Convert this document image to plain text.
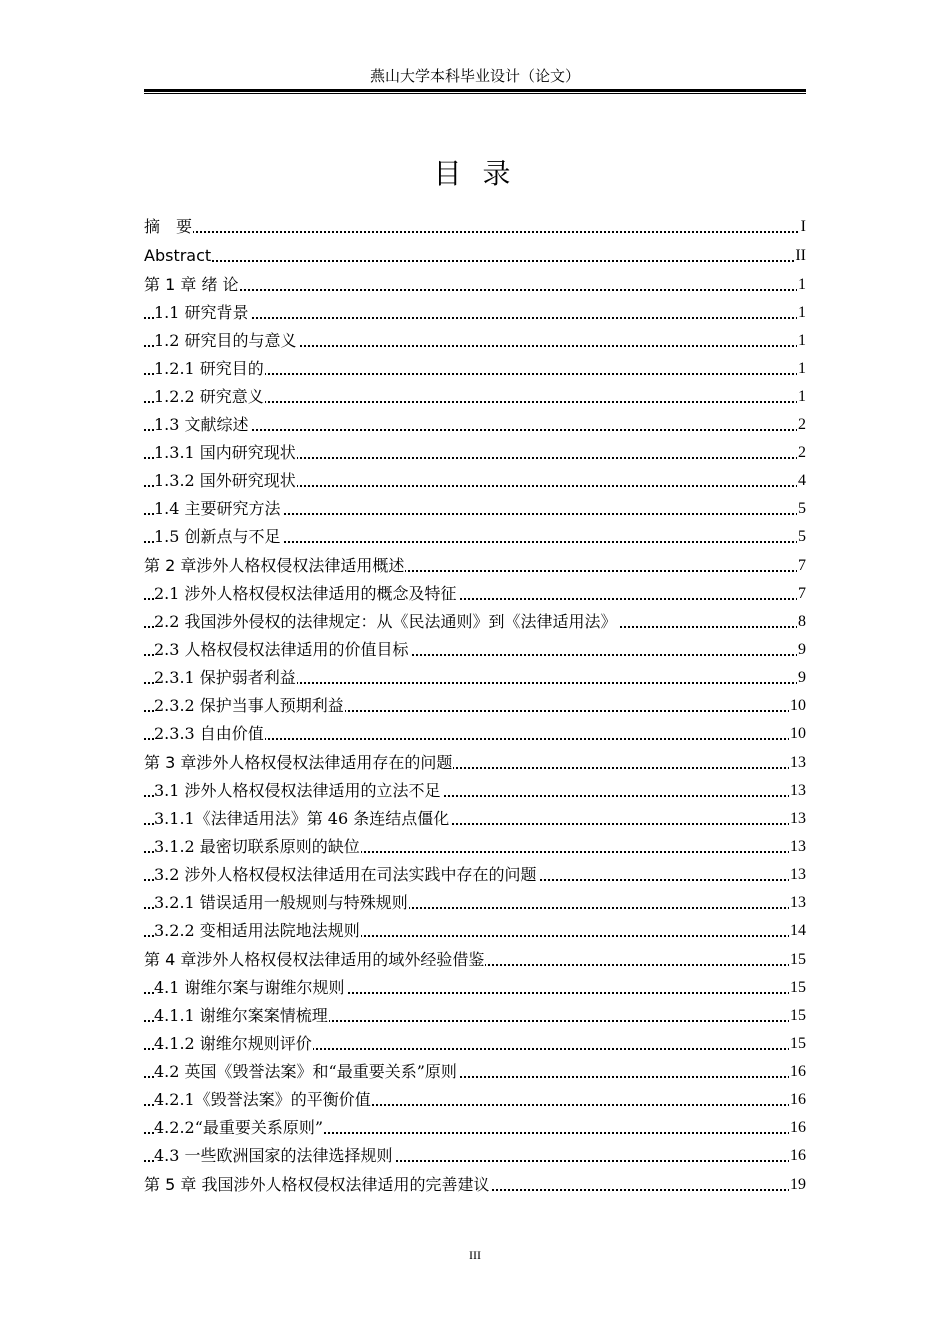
燕山大学本科毕业设计（论文）
目 录
摘　要	I
Abstract	II
第 1 章 绪 论	1
1.1 研究背景	1
1.2 研究目的与意义	1
1.2.1 研究目的	1
1.2.2 研究意义	1
1.3 文献综述	2
1.3.1 国内研究现状	2
1.3.2 国外研究现状	4
1.4 主要研究方法	5
1.5 创新点与不足	5
第 2 章涉外人格权侵权法律适用概述	7
2.1 涉外人格权侵权法律适用的概念及特征	7
2.2 我国涉外侵权的法律规定：从《民法通则》到《法律适用法》	8
2.3 人格权侵权法律适用的价值目标	9
2.3.1 保护弱者利益	9
2.3.2 保护当事人预期利益	10
2.3.3 自由价值	10
第 3 章涉外人格权侵权法律适用存在的问题	13
3.1 涉外人格权侵权法律适用的立法不足	13
3.1.1《法律适用法》第 46 条连结点僵化	13
3.1.2 最密切联系原则的缺位	13
3.2 涉外人格权侵权法律适用在司法实践中存在的问题	13
3.2.1 错误适用一般规则与特殊规则	13
3.2.2 变相适用法院地法规则	14
第 4 章涉外人格权侵权法律适用的域外经验借鉴	15
4.1 谢维尔案与谢维尔规则	15
4.1.1 谢维尔案案情梳理	15
4.1.2 谢维尔规则评价	15
4.2 英国《毁誉法案》和“最重要关系”原则	16
4.2.1《毁誉法案》的平衡价值	16
4.2.2“最重要关系原则”	16
4.3 一些欧洲国家的法律选择规则	16
第 5 章 我国涉外人格权侵权法律适用的完善建议	19
III
